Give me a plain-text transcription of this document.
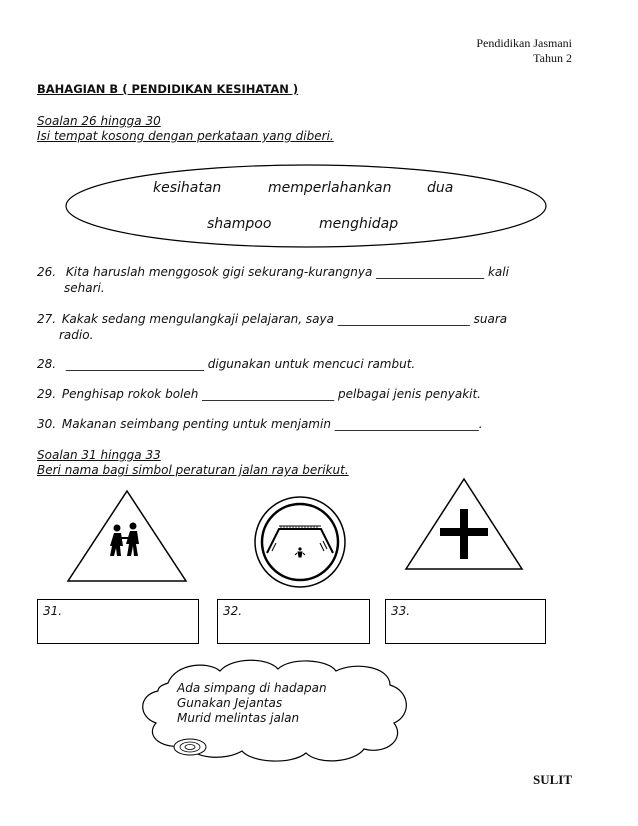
Pendidikan Jasmani
Tahun 2
BAHAGIAN B ( PENDIDIKAN KESIHATAN )
Soalan 26 hingga 30
Isi tempat kosong dengan perkataan yang diberi.
kesihatan	memperlahankan	dua
shampoo	menghidap
26. Kita haruslah menggosok gigi sekurang-kurangnya __________________ kali
sehari.
27. Kakak sedang mengulangkaji pelajaran, saya ______________________ suara
radio.
28. _______________________ digunakan untuk mencuci rambut.
29. Penghisap rokok boleh ______________________ pelbagai jenis penyakit.
30. Makanan seimbang penting untuk menjamin ________________________.
Soalan 31 hingga 33
Beri nama bagi simbol peraturan jalan raya berikut.
31.	32.	33.
Ada simpang di hadapan
Gunakan Jejantas
Murid melintas jalan
SULIT
